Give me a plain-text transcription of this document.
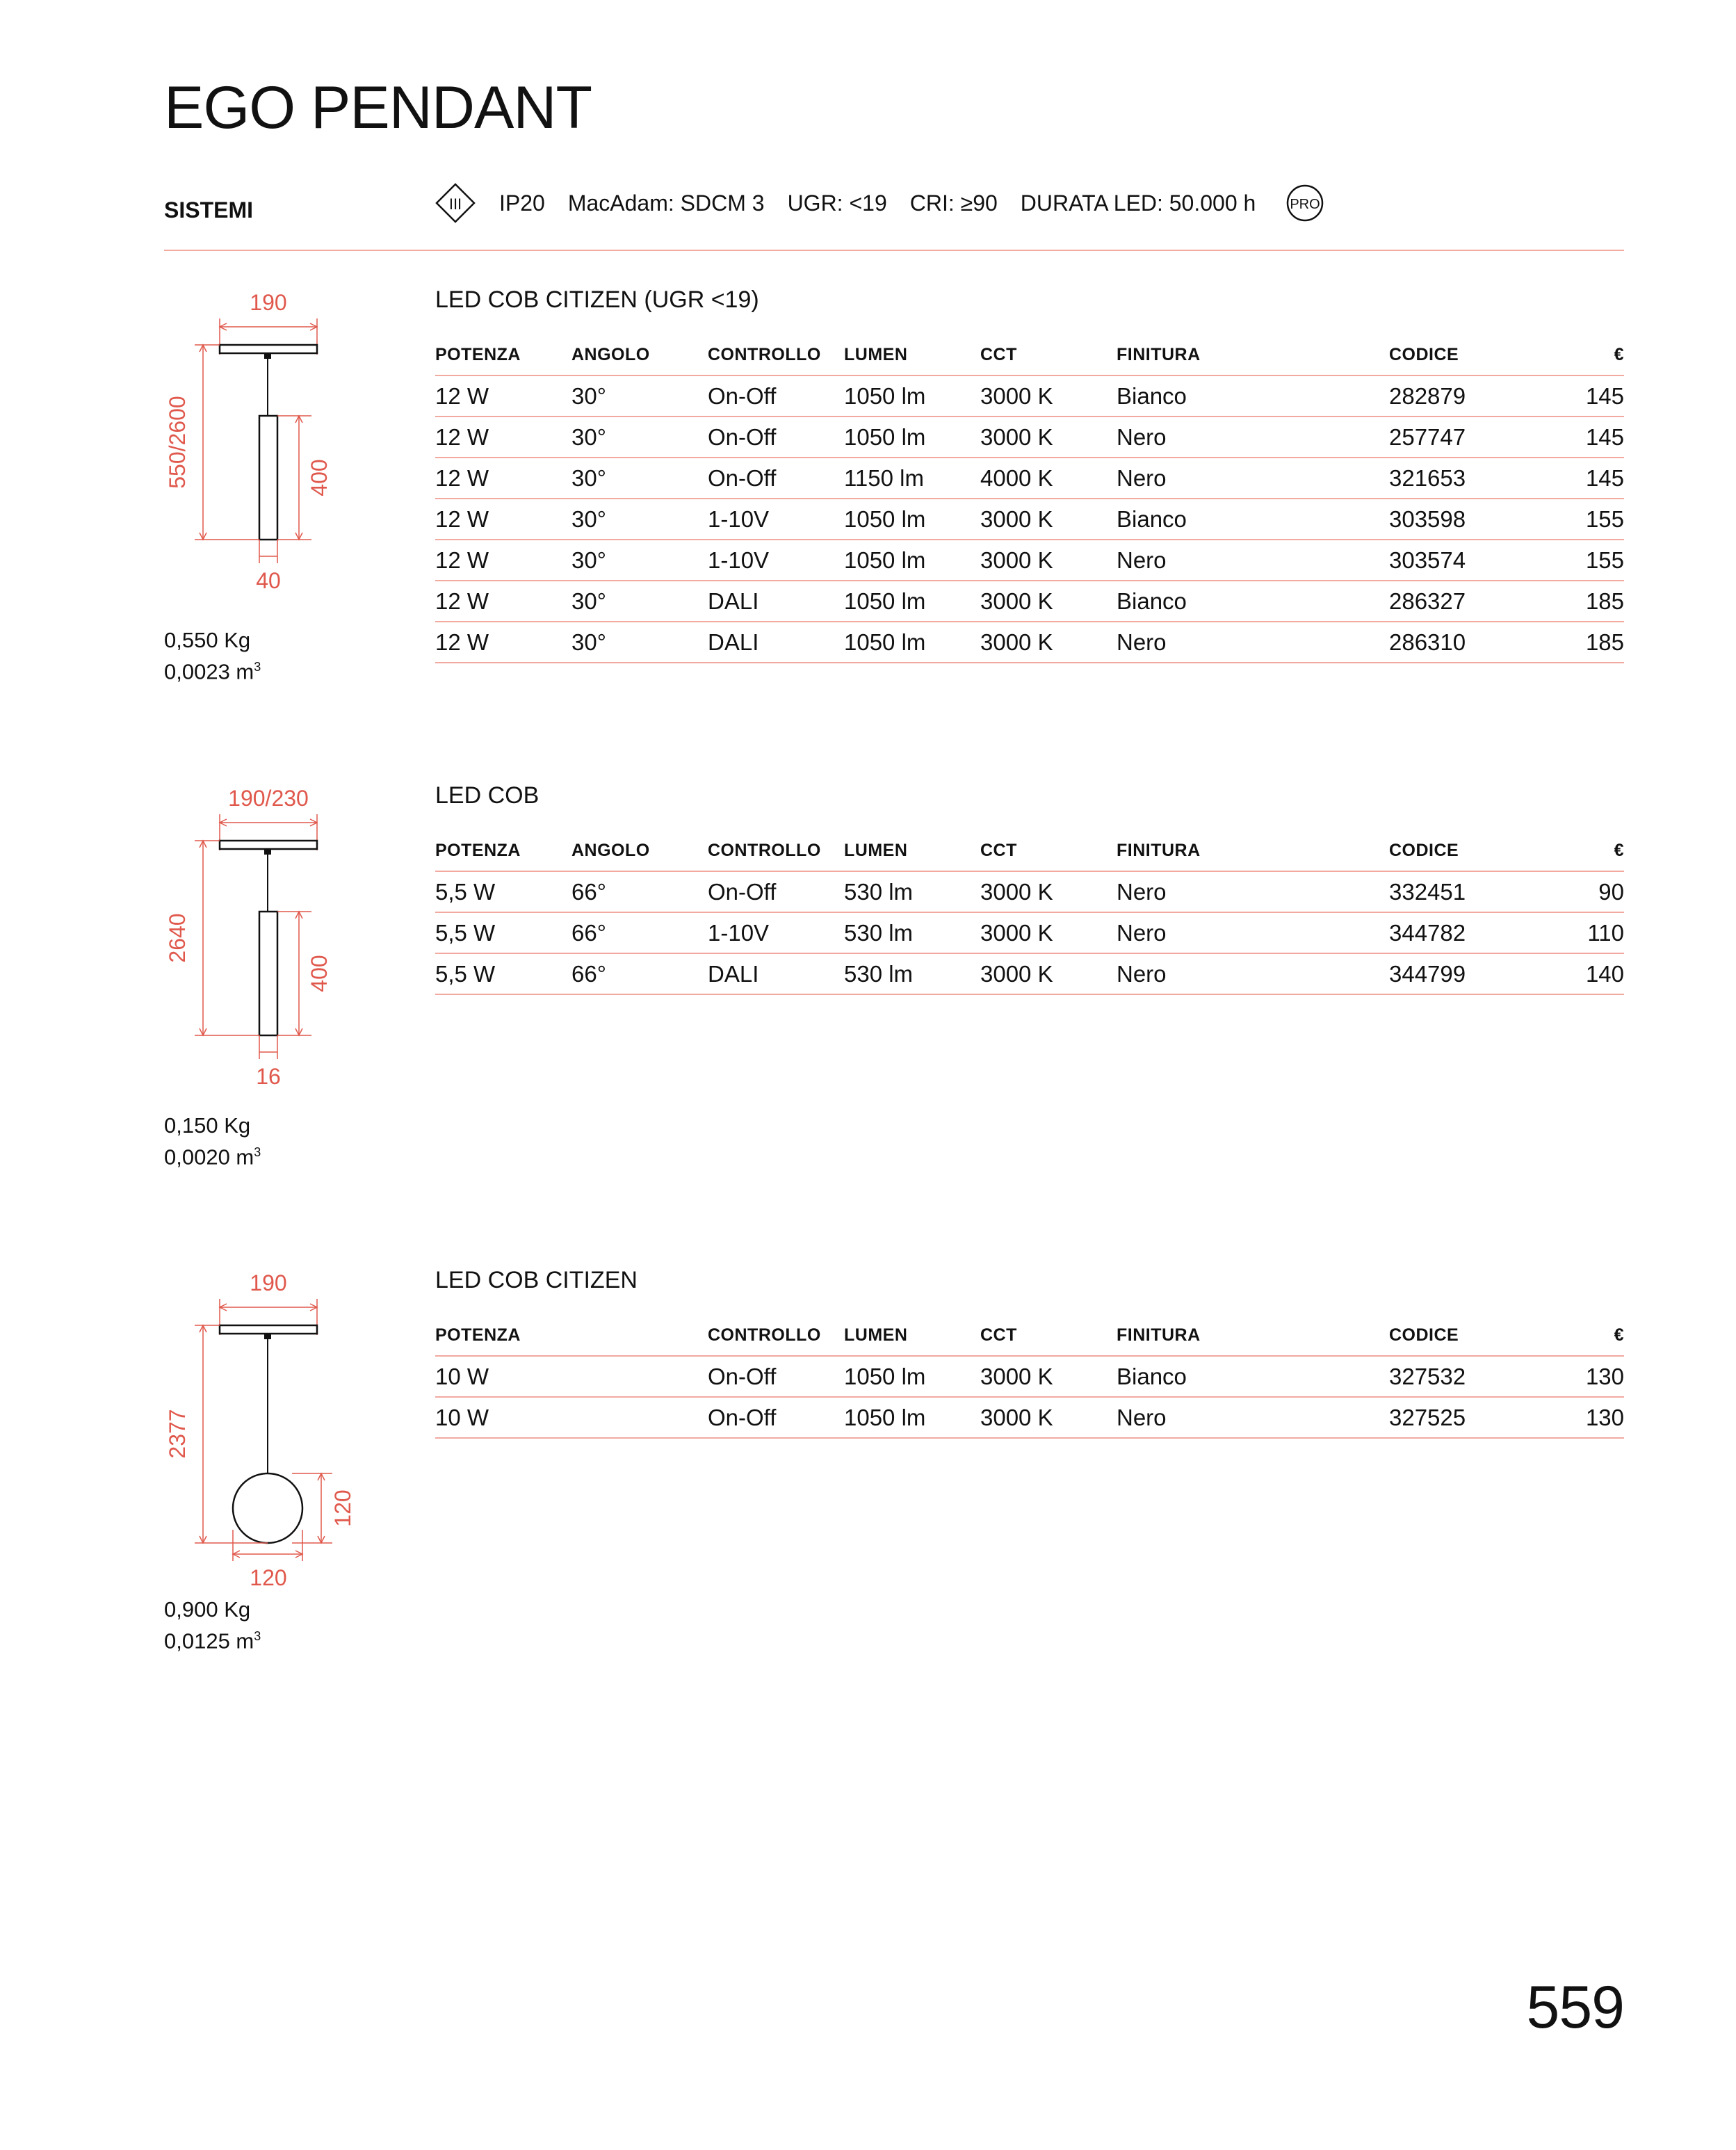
EGO PENDANT
SISTEMI	III IP20 MacAdam: SDCM 3 UGR: <19 CRI: ≥90 DURATA LED: 50.000 h PRO
190
550/2600	400
40
0,550 Kg
0,0023 $m^3$
LED COB CITIZEN (UGR <19)
POTENZA	ANGOLO	CONTROLLO	LUMEN	CCT	FINITURA	CODICE	€
12 W	30°	On-Off	1050 lm	3000 K	Bianco	282879	145
12 W	30°	On-Off	1050 lm	3000 K	Nero	257747	145
12 W	30°	On-Off	1150 lm	4000 K	Nero	321653	145
12 W	30°	1-10V	1050 lm	3000 K	Bianco	303598	155
12 W	30°	1-10V	1050 lm	3000 K	Nero	303574	155
12 W	30°	DALI	1050 lm	3000 K	Bianco	286327	185
12 W	30°	DALI	1050 lm	3000 K	Nero	286310	185
190/230
2640
400
16
0,150 Kg
0,0020 $m^3$
LED COB
POTENZA	ANGOLO	CONTROLLO	LUMEN	CCT	FINITURA	CODICE	€
5,5 W	66°	On-Off	530 lm	3000 K	Nero	332451	90
5,5 W	66°	1-10V	530 lm	3000 K	Nero	344782	110
5,5 W	66°	DALI	530 lm	3000 K	Nero	344799	140
190
2377
120
120
0,900 Kg
0,0125 $m^3$
LED COB CITIZEN
POTENZA		CONTROLLO	LUMEN	CCT	FINITURA	CODICE	€
10 W		On-Off	1050 lm	3000 K	Bianco	327532	130
10 W		On-Off	1050 lm	3000 K	Nero	327525	130
559
